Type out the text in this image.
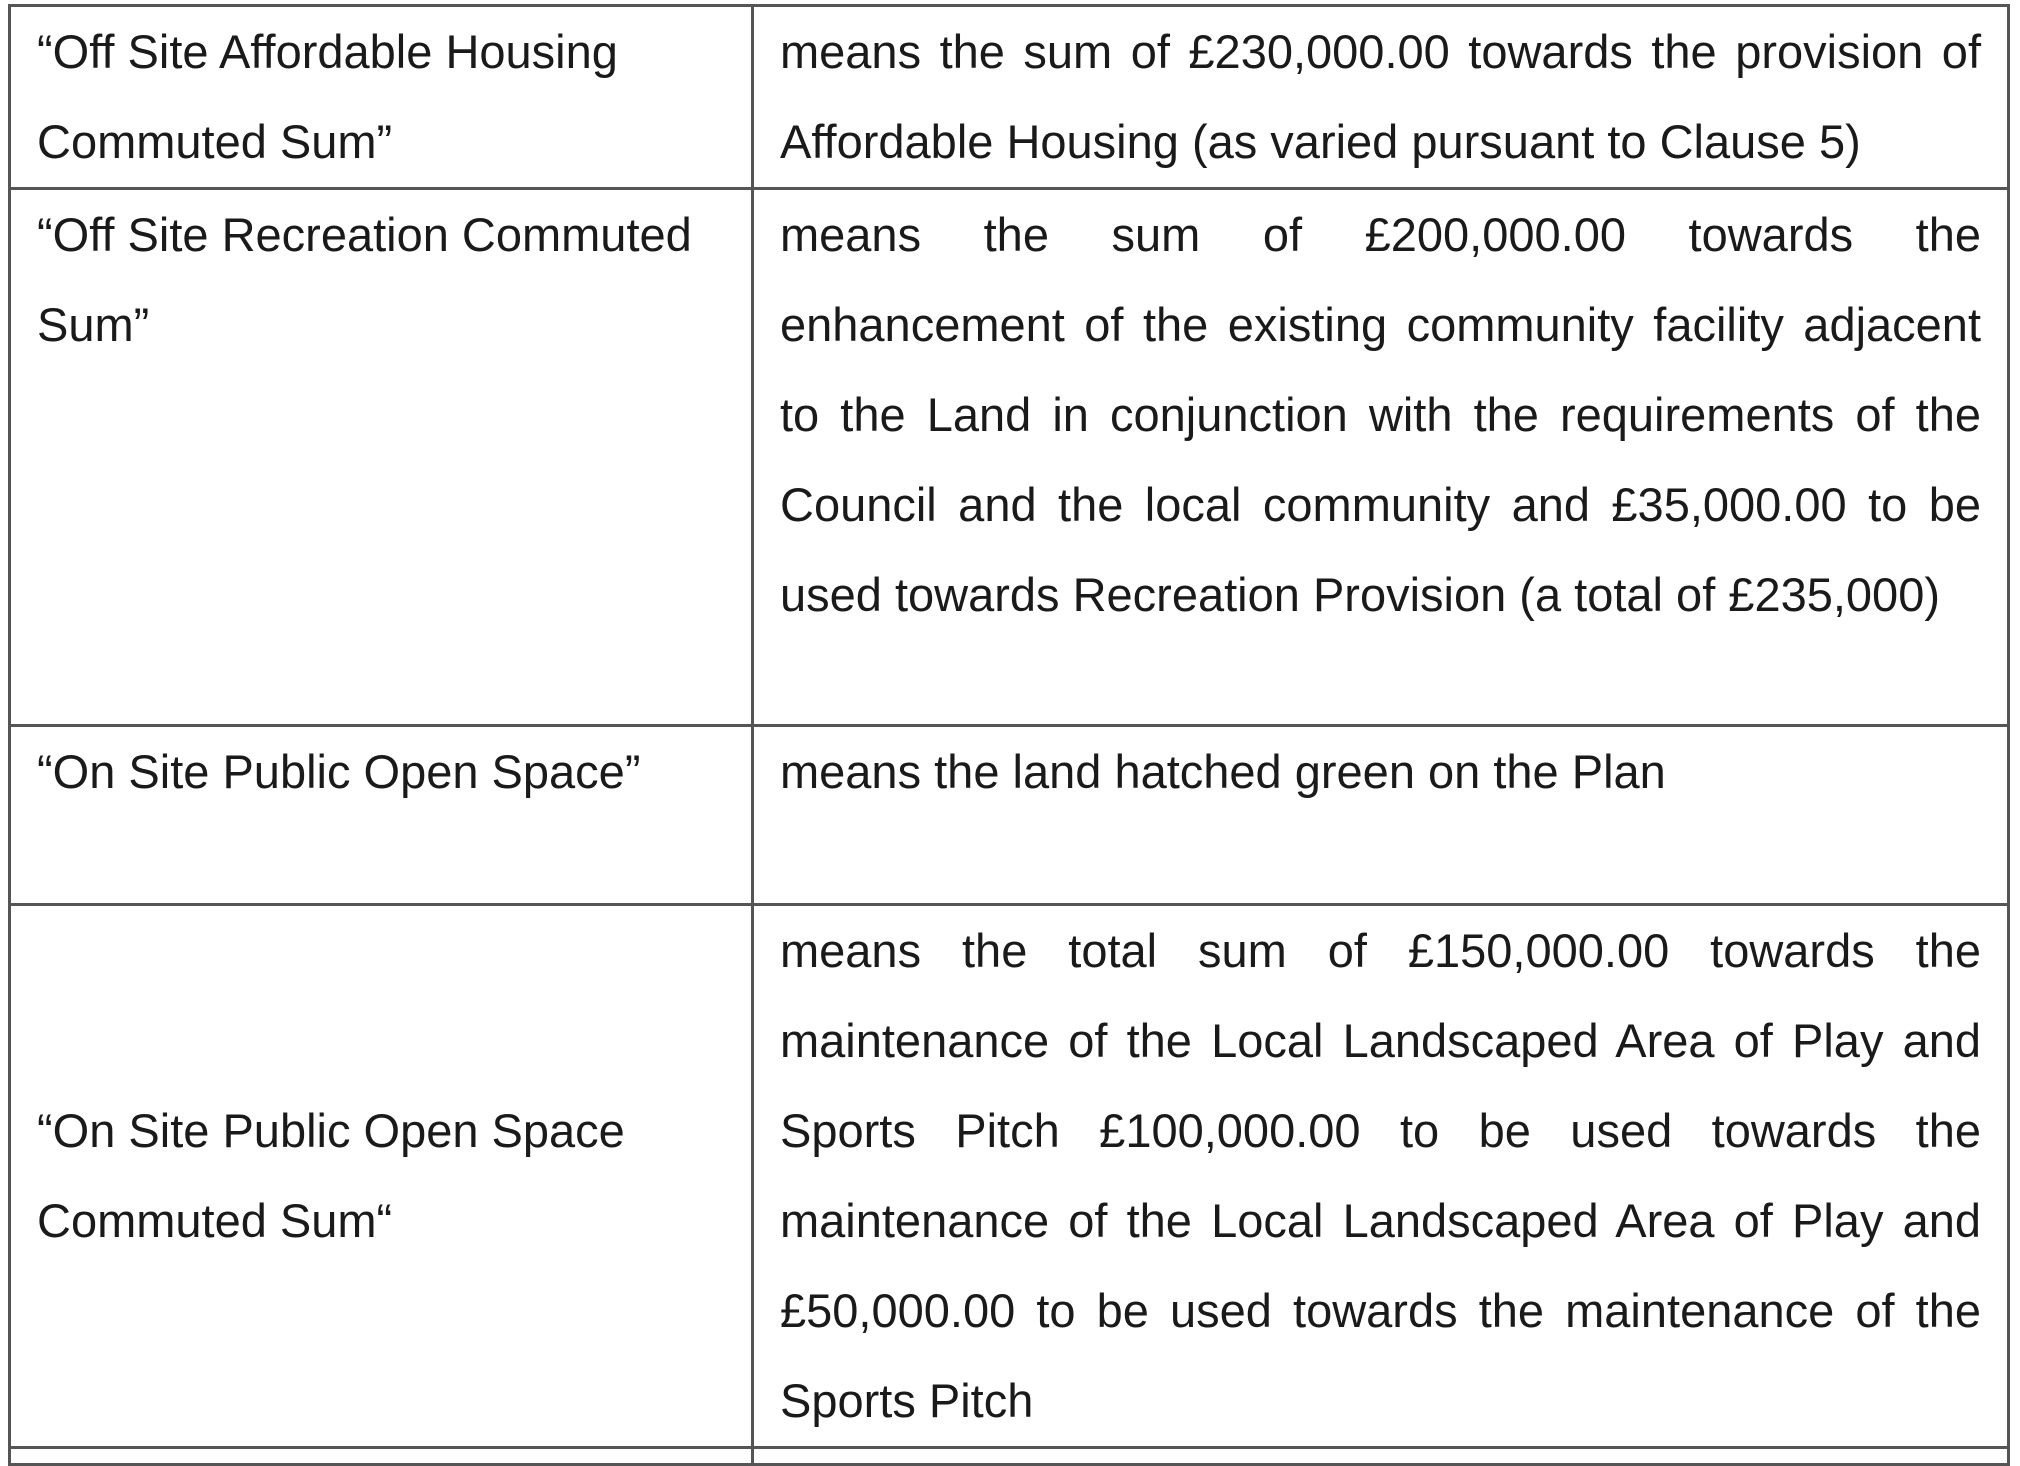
“Off Site Affordable Housing Commuted Sum”	means the sum of £230,000.00 towards the provision of Affordable Housing (as varied pursuant to Clause 5)
“Off Site Recreation Commuted Sum”	means the sum of £200,000.00 towards the enhancement of the existing community facility adjacent to the Land in conjunction with the requirements of the Council and the local community and £35,000.00 to be used towards Recreation Provision (a total of £235,000)
“On Site Public Open Space”	means the land hatched green on the Plan
“On Site Public Open Space Commuted Sum“	means the total sum of £150,000.00 towards the maintenance of the Local Landscaped Area of Play and Sports Pitch £100,000.00 to be used towards the maintenance of the Local Landscaped Area of Play and £50,000.00 to be used towards the maintenance of the Sports Pitch
